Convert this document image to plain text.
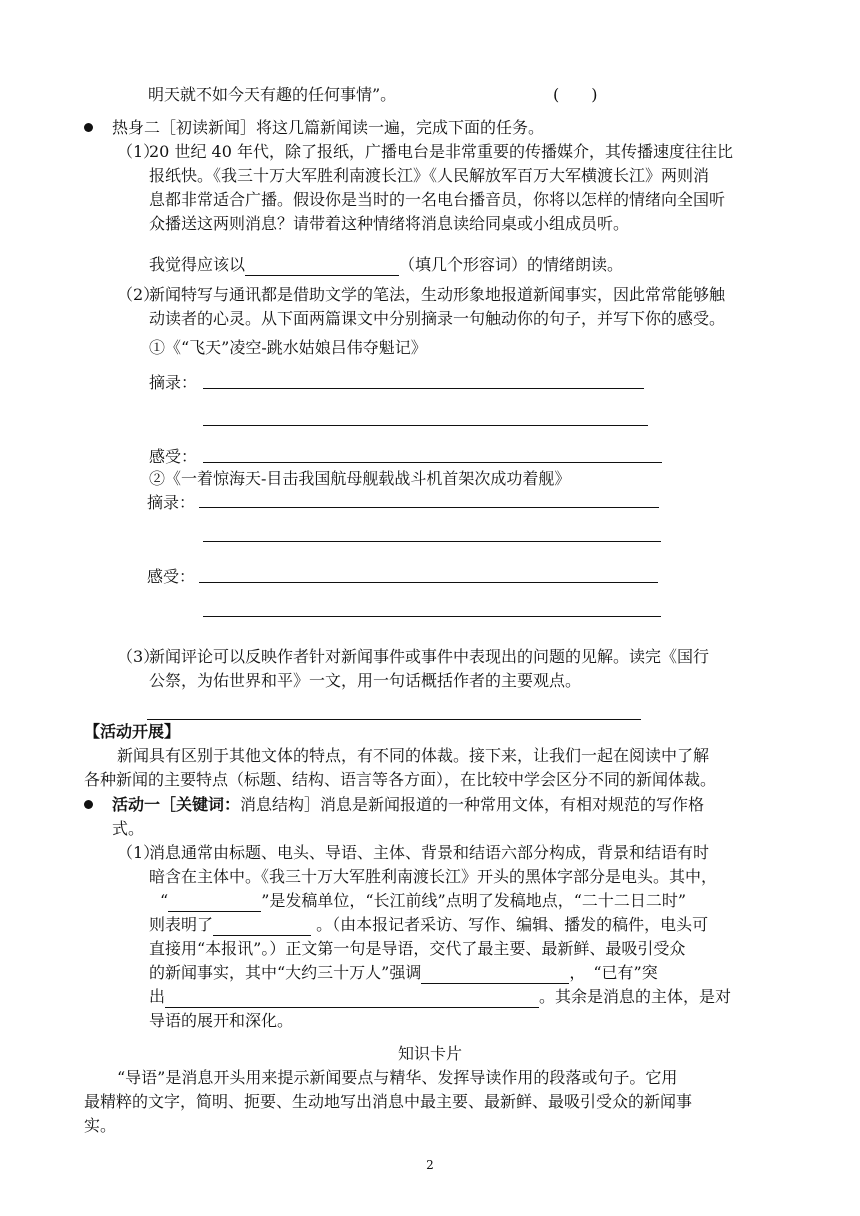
明天就不如今天有趣的任何事情”。	(　　)
热身二［初读新闻］将这几篇新闻读一遍，完成下面的任务。
（1）
20 世纪 40 年代，除了报纸，广播电台是非常重要的传播媒介，其传播速度往往比
报纸快。《我三十万大军胜利南渡长江》《人民解放军百万大军横渡长江》两则消
息都非常适合广播。假设你是当时的一名电台播音员，你将以怎样的情绪向全国听
众播送这两则消息？请带着这种情绪将消息读给同桌或小组成员听。
我觉得应该以	（填几个形容词）的情绪朗读。
（2）
新闻特写与通讯都是借助文学的笔法，生动形象地报道新闻事实，因此常常能够触
动读者的心灵。从下面两篇课文中分别摘录一句触动你的句子，并写下你的感受。
①《“飞天”凌空-跳水姑娘吕伟夺魁记》
摘录：
感受：
②《一着惊海天-目击我国航母舰载战斗机首架次成功着舰》
摘录：
感受：
（3）
新闻评论可以反映作者针对新闻事件或事件中表现出的问题的见解。读完《国行
公祭，为佑世界和平》一文，用一句话概括作者的主要观点。
【活动开展】
新闻具有区别于其他文体的特点，有不同的体裁。接下来，让我们一起在阅读中了解
各种新闻的主要特点（标题、结构、语言等各方面），在比较中学会区分不同的新闻体裁。
活动一［关键词：消息结构］消息是新闻报道的一种常用文体，有相对规范的写作格
式。
（1）
消息通常由标题、电头、导语、主体、背景和结语六部分构成，背景和结语有时
暗含在主体中。《我三十万大军胜利南渡长江》开头的黑体字部分是电头。其中，
“	”是发稿单位，“长江前线”点明了发稿地点，“二十二日二时”
则表明了	。（由本报记者采访、写作、编辑、播发的稿件，电头可
直接用“本报讯”。）正文第一句是导语，交代了最主要、最新鲜、最吸引受众
的新闻事实，其中“大约三十万人”强调	，　“已有”突
出	。其余是消息的主体，是对
导语的展开和深化。
知识卡片
“导语”是消息开头用来提示新闻要点与精华、发挥导读作用的段落或句子。它用
最精粹的文字，简明、扼要、生动地写出消息中最主要、最新鲜、最吸引受众的新闻事
实。
2
